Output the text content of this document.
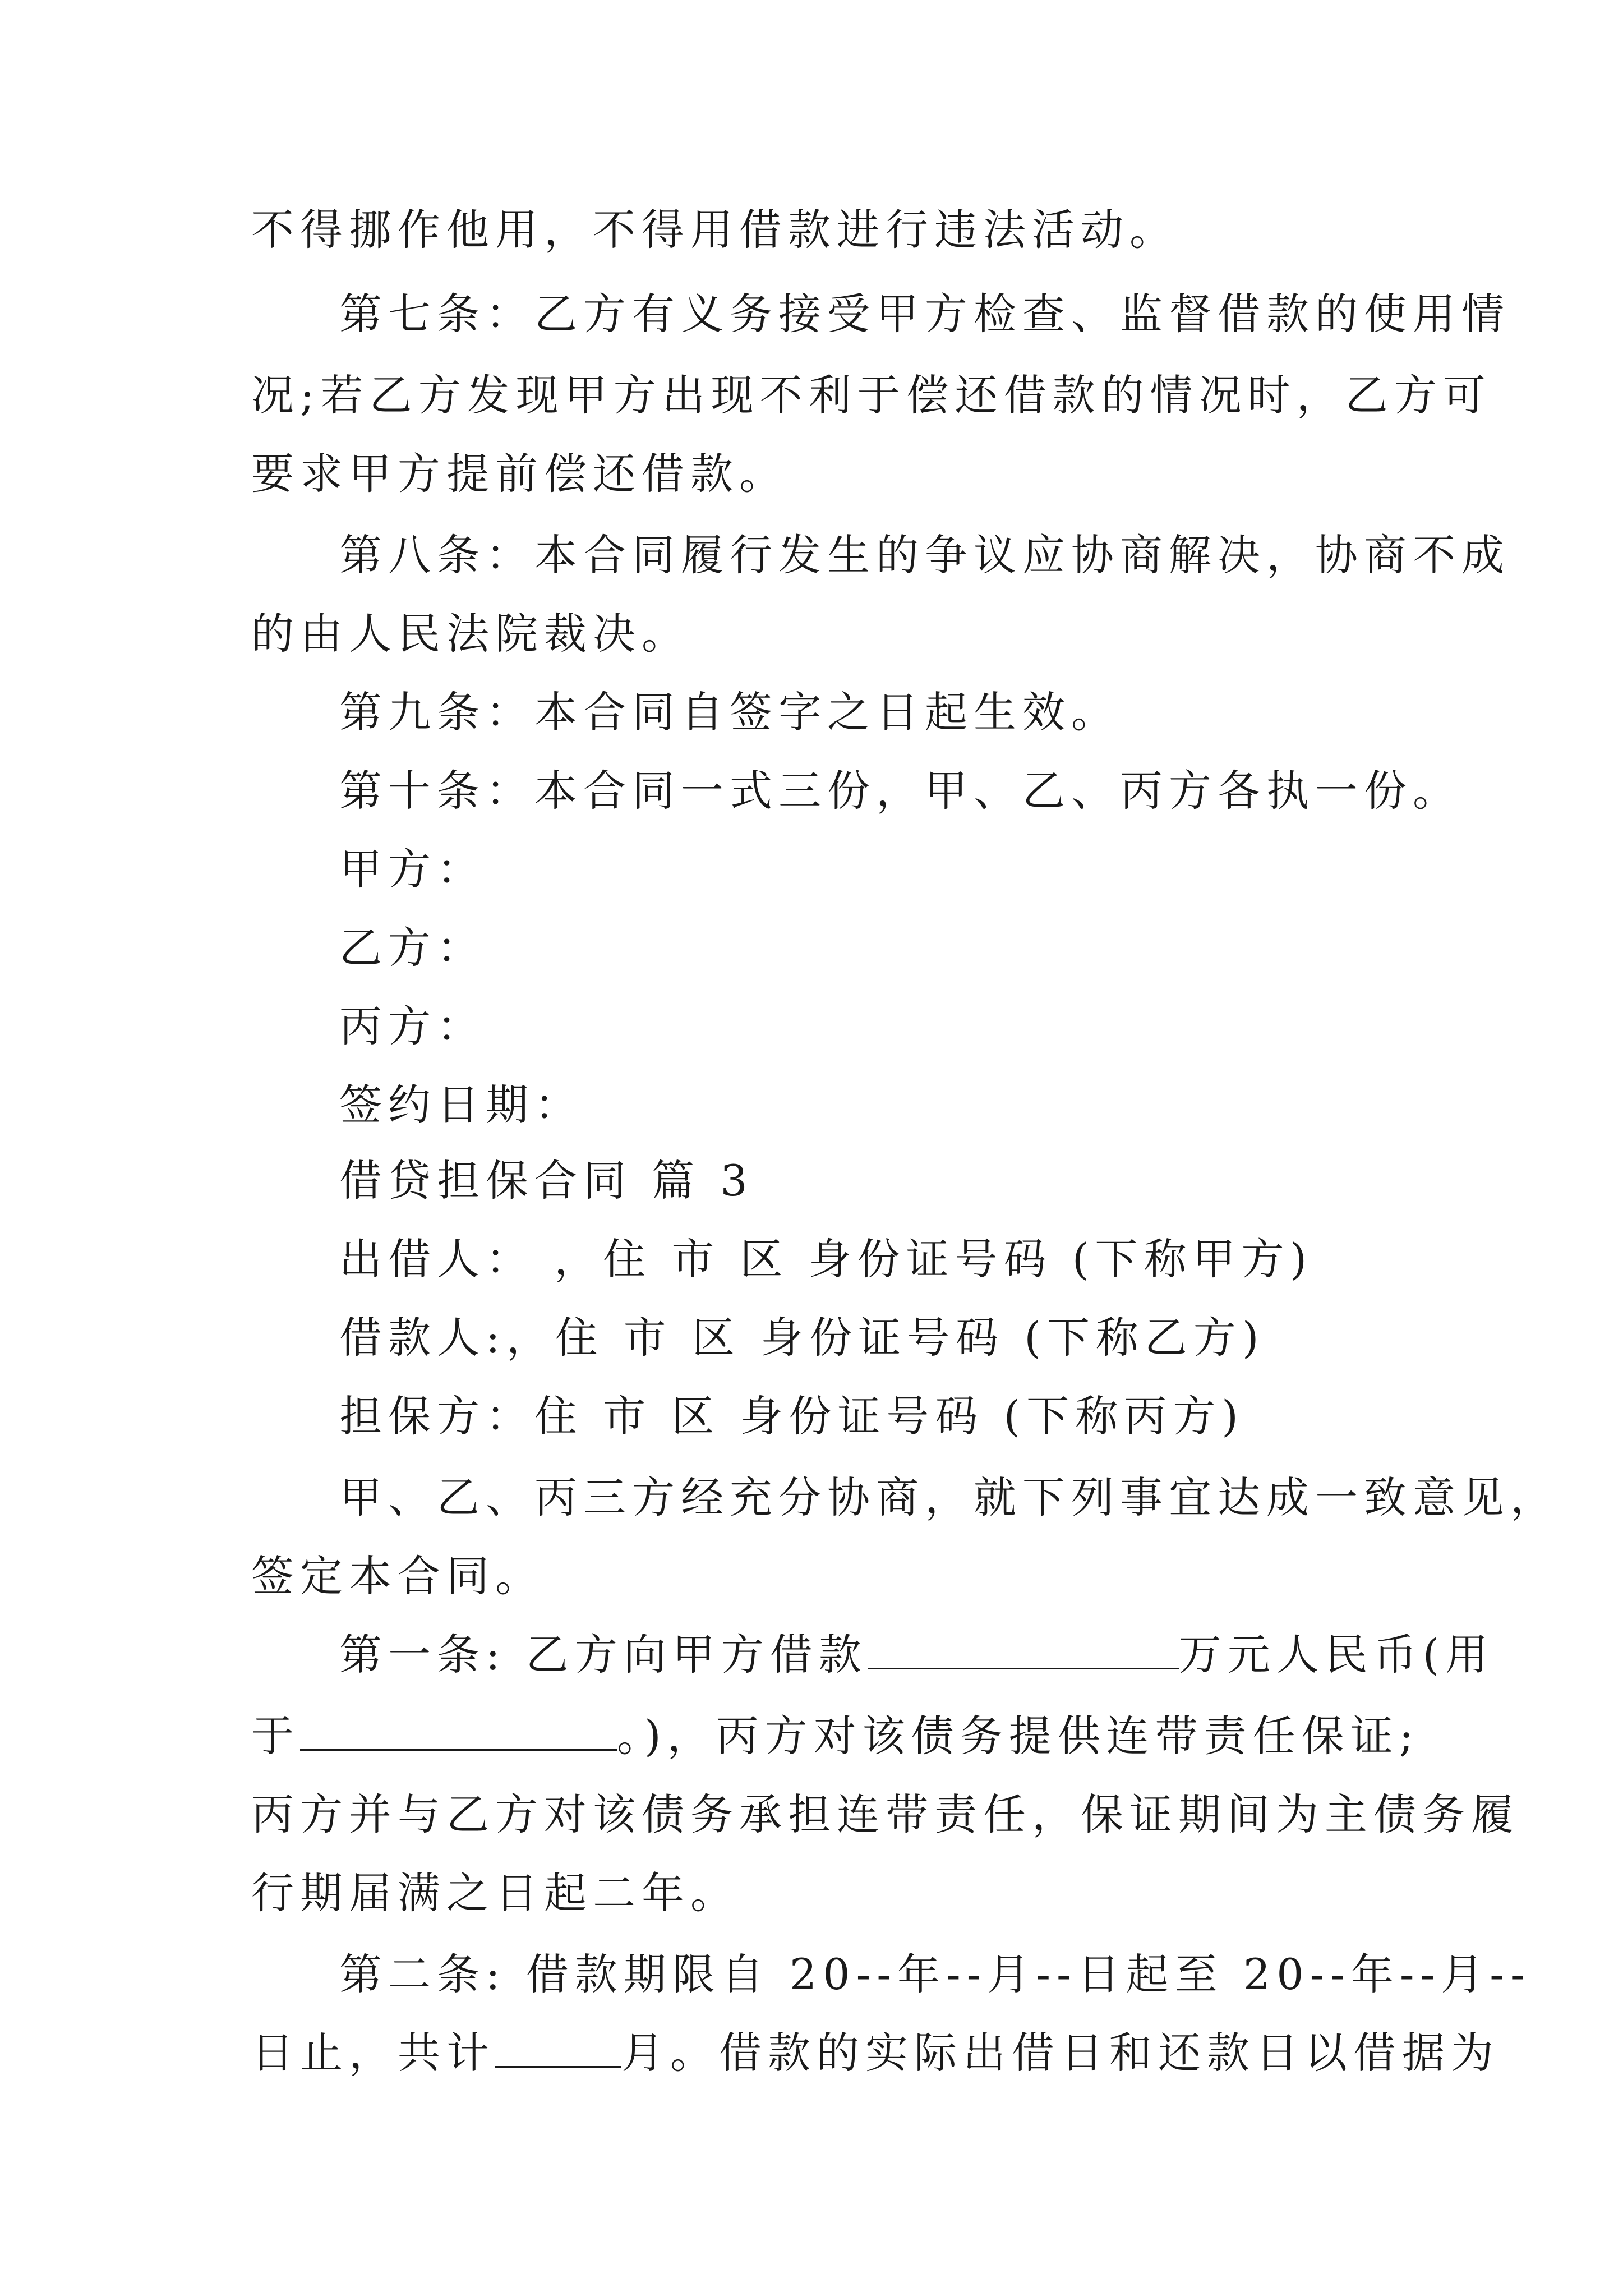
不得挪作他用，不得用借款进行违法活动。
第七条：乙方有义务接受甲方检查、监督借款的使用情
况;若乙方发现甲方出现不利于偿还借款的情况时，乙方可
要求甲方提前偿还借款。
第八条：本合同履行发生的争议应协商解决，协商不成
的由人民法院裁决。
第九条：本合同自签字之日起生效。
第十条：本合同一式三份，甲、乙、丙方各执一份。
甲方：
乙方：
丙方：
签约日期：
借贷担保合同 篇 3
出借人： ，住 市 区 身份证号码 (下称甲方)
借款人:，住 市 区 身份证号码 (下称乙方)
担保方：住 市 区 身份证号码 (下称丙方)
甲、乙、丙三方经充分协商，就下列事宜达成一致意见，
签定本合同。
第一条: 乙方向甲方借款	万元人民币(用
于	。)，丙方对该债务提供连带责任保证;
丙方并与乙方对该债务承担连带责任，保证期间为主债务履
行期届满之日起二年。
第二条: 借款期限自 20--年--月--日起至 20--年--月--
日止，共计	月。借款的实际出借日和还款日以借据为
